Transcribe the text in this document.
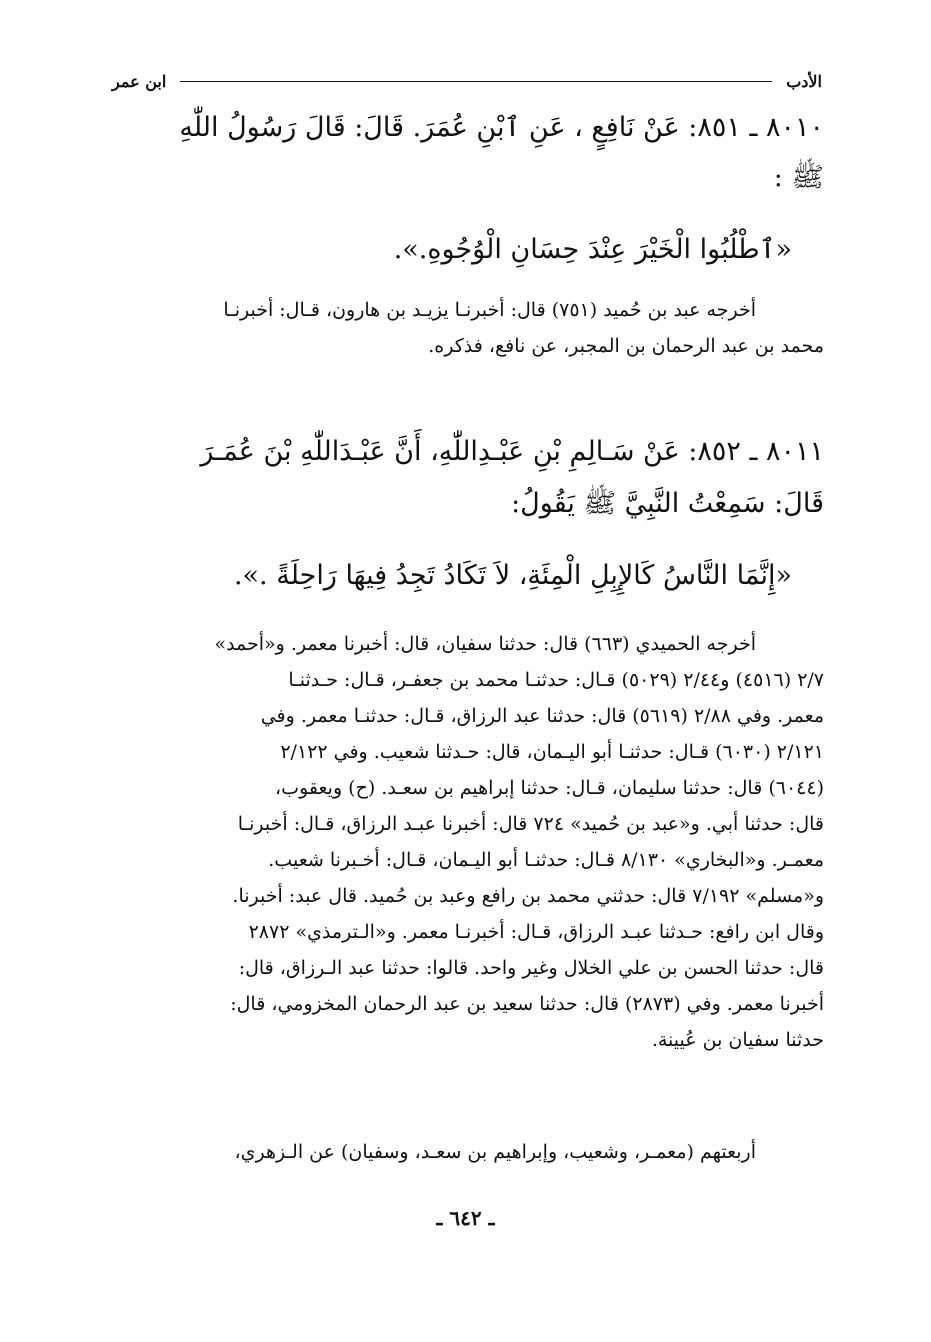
الأدب
ابن عمر
٨٠١٠ ـ ٨٥١: عَنْ نَافِعٍ ، عَنِ ٱبْنِ عُمَرَ. قَالَ: قَالَ رَسُولُ اللّٰهِ
ﷺ :
«ٱطْلُبُوا الْخَيْرَ عِنْدَ حِسَانِ الْوُجُوهِ.».

أخرجه عبد بن حُميد (٧٥١) قال: أخبرنـا يزيـد بن هارون، قـال: أخبرنـا

محمد بن عبد الرحمان بن المجبر، عن نافع، فذكره.

٨٠١١ ـ ٨٥٢: عَنْ سَـالِمِ بْنِ عَبْـدِاللّٰهِ، أَنَّ عَبْـدَاللّٰهِ بْنَ عُمَـرَ
قَالَ: سَمِعْتُ النَّبِيَّ ﷺ يَقُولُ:
«إِنَّمَا النَّاسُ كَالإِبِلِ الْمِئَةِ، لاَ تَكَادُ تَجِدُ فِيهَا رَاحِلَةً .».

أخرجه الحميدي (٦٦٣) قال: حدثنا سفيان، قال: أخبرنا معمر. و«أحمد»

٢/٧ (٤٥١٦) و٢/٤٤ (٥٠٢٩) قـال: حدثنـا محمد بن جعفـر، قـال: حـدثنـا

معمر. وفي ٢/٨٨ (٥٦١٩) قال: حدثنا عبد الرزاق، قـال: حدثنـا معمر. وفي

٢/١٢١ (٦٠٣٠) قـال: حدثنـا أبو اليـمان، قال: حـدثنا شعيب. وفي ٢/١٢٢

(٦٠٤٤) قال: حدثنا سليمان، قـال: حدثنا إبراهيم بن سعـد. (ح) ويعقوب،

قال: حدثنا أبي. و«عبد بن حُميد» ٧٢٤ قال: أخبرنا عبـد الرزاق، قـال: أخبرنـا

معمـر. و«البخاري» ٨/١٣٠ قـال: حدثنـا أبو اليـمان، قـال: أخـبرنا شعيب.

و«مسلم» ٧/١٩٢ قال: حدثني محمد بن رافع وعبد بن حُميد. قال عبد: أخبرنا.

وقال ابن رافع: حـدثنا عبـد الرزاق، قـال: أخبرنـا معمر. و«الـترمذي» ٢٨٧٢

قال: حدثنا الحسن بن علي الخلال وغير واحد. قالوا: حدثنا عبد الـرزاق، قال:

أخبرنا معمر. وفي (٢٨٧٣) قال: حدثنا سعيد بن عبد الرحمان المخزومي، قال:

حدثنا سفيان بن عُيينة.

أربعتهم (معمـر، وشعيب، وإبراهيم بن سعـد، وسفيان) عن الـزهري،

ـ ٦٤٢ ـ
